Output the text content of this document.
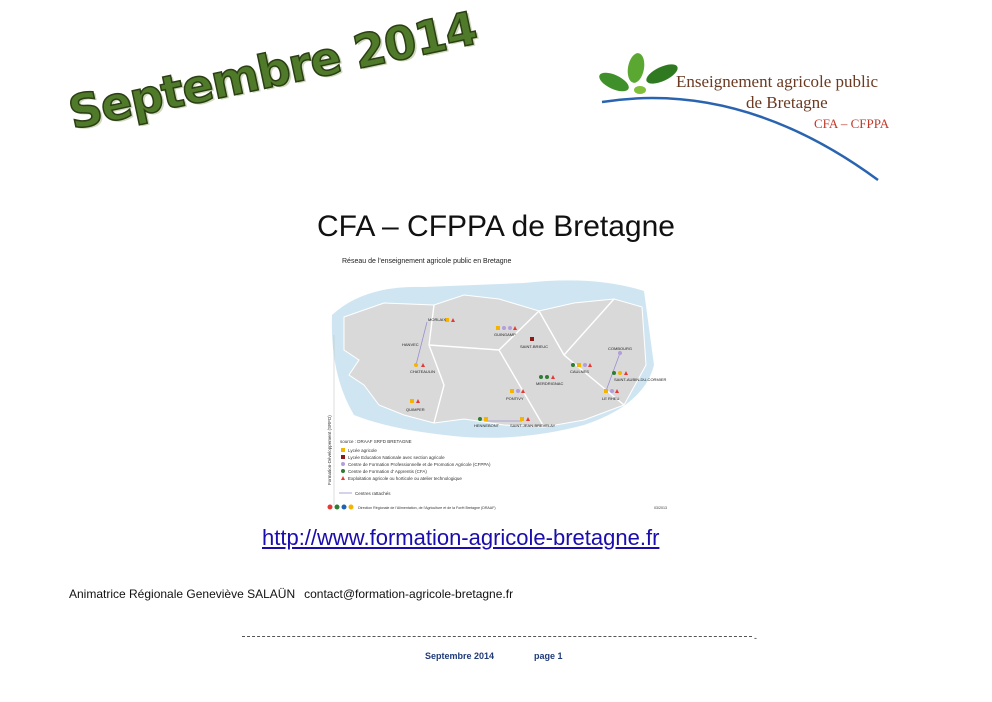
Septembre 2014	Enseignement agricole public
de Bretagne
CFA – CFPPA
CFA – CFPPA de Bretagne
MORLAIX
GUINGAMP
SAINT-BRIEUC	COMBOURG
HANVEC
CHATEAULIN	CAULNES
MERDRIGNAC
SAINT-AUBIN-DU-CORMIER
PONTIVY	LE RHEU
QUIMPER
HENNEBONT	SAINT-JEAN-BREVELAY
Formation-Développement (SRFD) source : DRAAF SRFD BRETAGNE
Lycée agricole
Lycée Education Nationale avec section agricole
Centre de Formation Professionnelle et de Promotion Agricole (CFPPA)
Centre de Formation d' Apprentis (CFA)
Exploitation agricole ou horticole ou atelier technologique
Centres rattachés
Direction Régionale de l'Alimentation, de l'Agriculture et de la Forêt Bretagne (DRAAF)	03/2013
Réseau de l'enseignement agricole public en Bretagne
http://www.formation-agricole-bretagne.fr
Animatrice Régionale Geneviève SALAÜN contact@formation-agricole-bretagne.fr
-
Septembre 2014	page 1
